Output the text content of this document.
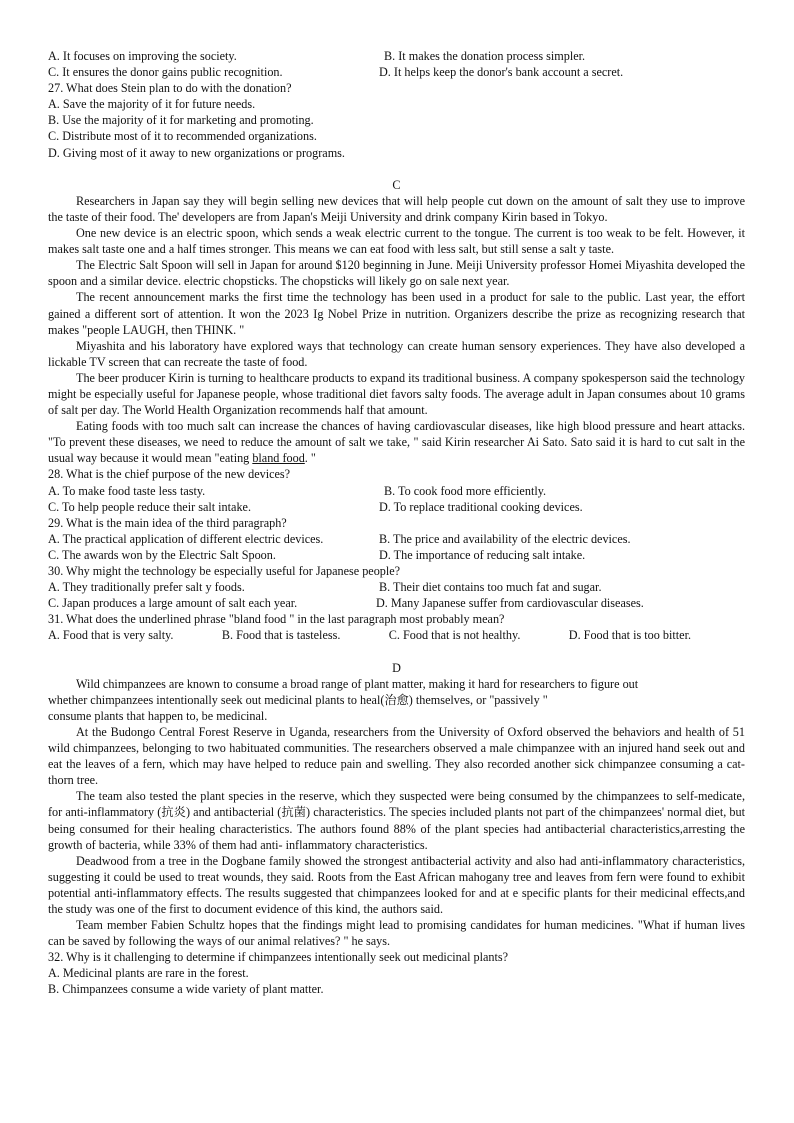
A. It focuses on improving the society.	B. It makes the donation process simpler.
C. It ensures the donor gains public recognition.	D. It helps keep the donor's bank account a secret.
27. What does Stein plan to do with the donation?
A. Save the majority of it for future needs.
B. Use the majority of it for marketing and promoting.
C. Distribute most of it to recommended organizations.
D. Giving most of it away to new organizations or programs.
C
Researchers in Japan say they will begin selling new devices that will help people cut down on the amount of salt they use to improve the taste of their food. The' developers are from Japan's Meiji University and drink company Kirin based in Tokyo.
One new device is an electric spoon, which sends a weak electric current to the tongue. The current is too weak to be felt. However, it makes salt taste one and a half times stronger. This means we can eat food with less salt, but still sense a salt y taste.
The Electric Salt Spoon will sell in Japan for around $120 beginning in June. Meiji University professor Homei Miyashita developed the spoon and a similar device. electric chopsticks. The chopsticks will likely go on sale next year.
The recent announcement marks the first time the technology has been used in a product for sale to the public. Last year, the effort gained a different sort of attention. It won the 2023 Ig Nobel Prize in nutrition. Organizers describe the prize as recognizing research that makes "people LAUGH, then THINK. "
Miyashita and his laboratory have explored ways that technology can create human sensory experiences. They have also developed a lickable TV screen that can recreate the taste of food.
The beer producer Kirin is turning to healthcare products to expand its traditional business. A company spokesperson said the technology might be especially useful for Japanese people, whose traditional diet favors salty foods. The average adult in Japan consumes about 10 grams of salt per day. The World Health Organization recommends half that amount.
Eating foods with too much salt can increase the chances of having cardiovascular diseases, like high blood pressure and heart attacks. "To prevent these diseases, we need to reduce the amount of salt we take, " said Kirin researcher Ai Sato. Sato said it is hard to cut salt in the usual way because it would mean "eating bland food. "
28. What is the chief purpose of the new devices?
A. To make food taste less tasty.	B. To cook food more efficiently.
C. To help people reduce their salt intake.	D. To replace traditional cooking devices.
29. What is the main idea of the third paragraph?
A. The practical application of different electric devices.	B. The price and availability of the electric devices.
C. The awards won by the Electric Salt Spoon.	D. The importance of reducing salt intake.
30. Why might the technology be especially useful for Japanese people?
A. They traditionally prefer salt y foods.	B. Their diet contains too much fat and sugar.
C. Japan produces a large amount of salt each year.	D. Many Japanese suffer from cardiovascular diseases.
31. What does the underlined phrase "bland food " in the last paragraph most probably mean?
A. Food that is very salty.	B. Food that is tasteless.	C. Food that is not healthy.	D. Food that is too bitter.
D
Wild chimpanzees are known to consume a broad range of plant matter, making it hard for researchers to figure out
whether chimpanzees intentionally seek out medicinal plants to heal(治愈) themselves, or "passively "
consume plants that happen to, be medicinal.
At the Budongo Central Forest Reserve in Uganda, researchers from the University of Oxford observed the behaviors and health of 51 wild chimpanzees, belonging to two habituated communities. The researchers observed a male chimpanzee with an injured hand seek out and eat the leaves of a fern, which may have helped to reduce pain and swelling. They also recorded another sick chimpanzee consuming a cat-thorn tree.
The team also tested the plant species in the reserve, which they suspected were being consumed by the chimpanzees to self-medicate, for anti-inflammatory (抗炎) and antibacterial (抗菌) characteristics. The species included plants not part of the chimpanzees' normal diet, but being consumed for their healing characteristics. The authors found 88% of the plant species had antibacterial characteristics,arresting the growth of bacteria, while 33% of them had anti- inflammatory characteristics.
Deadwood from a tree in the Dogbane family showed the strongest antibacterial activity and also had anti-inflammatory characteristics, suggesting it could be used to treat wounds, they said. Roots from the East African mahogany tree and leaves from fern were found to exhibit potential anti-inflammatory effects. The results suggested that chimpanzees looked for and at e specific plants for their medicinal effects,and the study was one of the first to document evidence of this kind, the authors said.
Team member Fabien Schultz hopes that the findings might lead to promising candidates for human medicines. "What if human lives can be saved by following the ways of our animal relatives? " he says.
32. Why is it challenging to determine if chimpanzees intentionally seek out medicinal plants?
A. Medicinal plants are rare in the forest.
B. Chimpanzees consume a wide variety of plant matter.
